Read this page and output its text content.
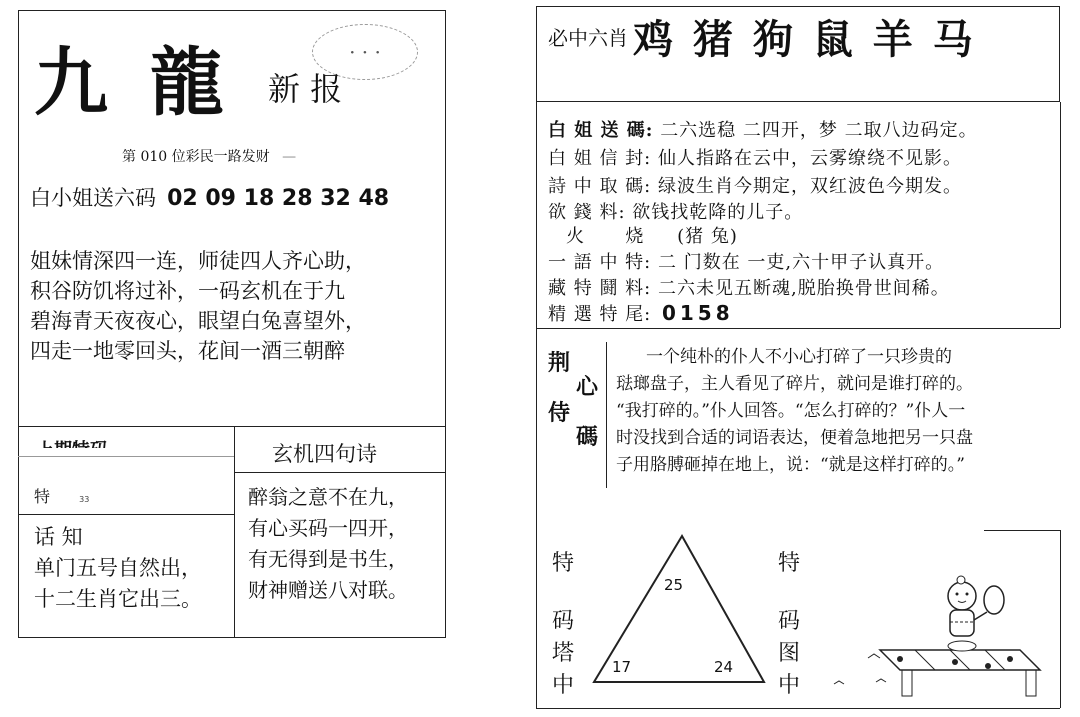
九 龍 新 报
· · ·
第 010 位彩民一路发财 —
白小姐送六码 02 09 18 28 32 48
姐妹情深四一连，师徒四人齐心助，
积谷防饥将过补，一码玄机在于九
碧海青天夜夜心，眼望白兔喜望外，
四走一地零回头，花间一酒三朝醉
特	33
话 知
单门五号自然出，
十二生肖它出三。
玄机四句诗
醉翁之意不在九，
有心买码一四开，
有无得到是书生，
财神赠送八对联。
必中六肖 鸡 猪 狗 鼠 羊 马
白 姐 送 碼: 二六选稳 二四开，梦 二取八边码定。
白 姐 信 封: 仙人指路在云中，云雾缭绕不见影。
詩 中 取 碼: 绿波生肖今期定，双红波色今期发。
欲 錢 料: 欲钱找乾降的儿子。
火      烧 (猪 兔)
一 語 中 特: 二 门数在 一吏,六十甲子认真开。
藏 特 鬪 料: 二六未见五断魂,脱胎换骨世间稀。
精 選 特 尾: 0158
荆
心
侍
碼
一个纯朴的仆人不小心打碎了一只珍贵的
琺瑯盘子，主人看见了碎片，就问是谁打碎的。
“我打碎的。”仆人回答。“怎么打碎的？”仆人一
时没找到合适的词语表达，便着急地把另一只盘
子用胳膊砸掉在地上，说：“就是这样打碎的。”
特
码
塔
中
特
码
图
中
25
17	24
